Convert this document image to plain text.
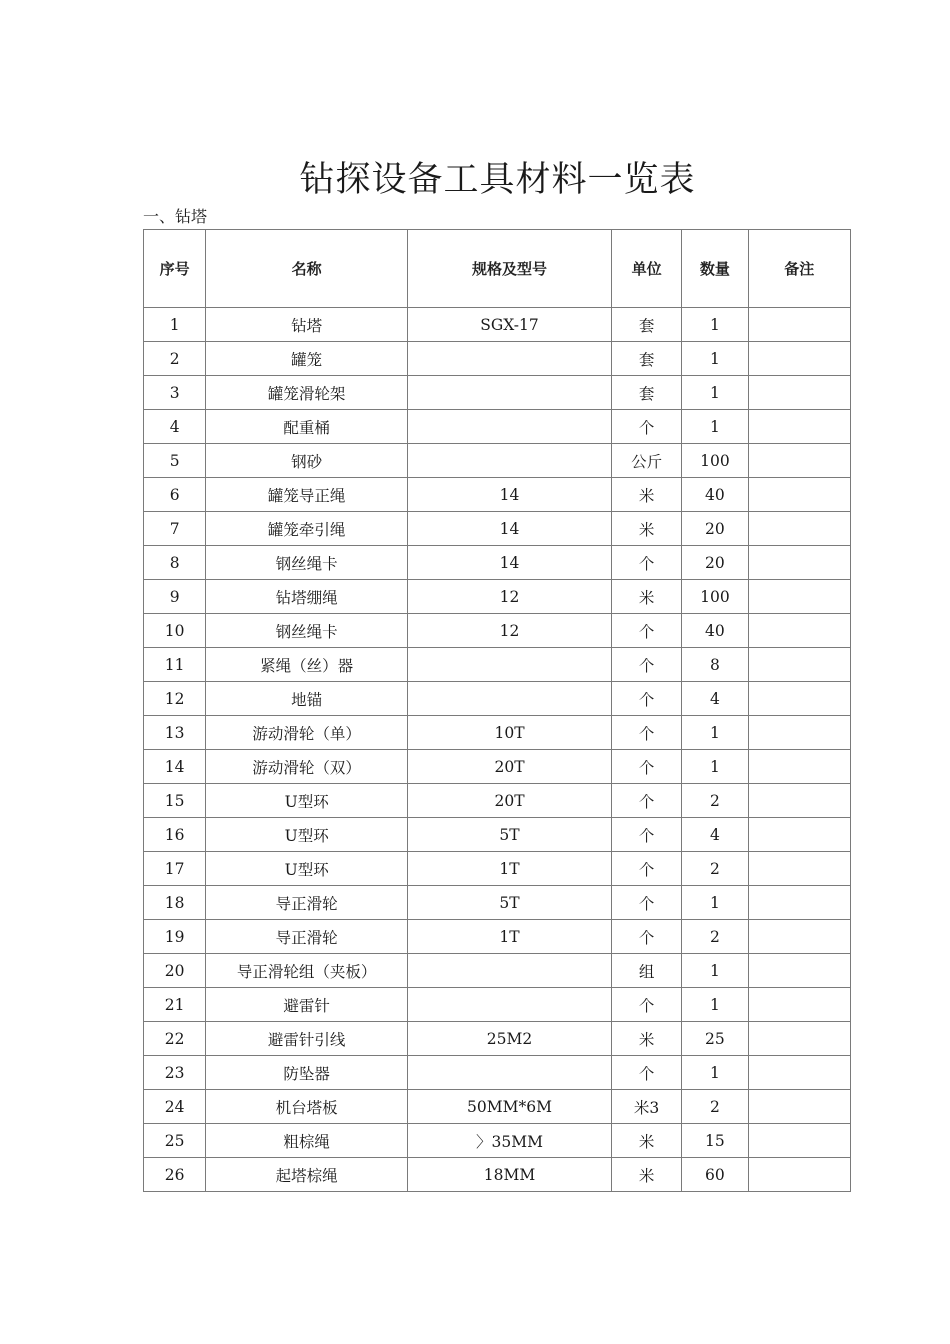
钻探设备工具材料一览表
一、钻塔
序号	名称	规格及型号	单位	数量	备注
1	钻塔	SGX-17	套	1	
2	罐笼		套	1	
3	罐笼滑轮架		套	1	
4	配重桶		个	1	
5	钢砂		公斤	100	
6	罐笼导正绳	14	米	40	
7	罐笼牵引绳	14	米	20	
8	钢丝绳卡	14	个	20	
9	钻塔绷绳	12	米	100	
10	钢丝绳卡	12	个	40	
11	紧绳（丝）器		个	8	
12	地锚		个	4	
13	游动滑轮（单）	10T	个	1	
14	游动滑轮（双）	20T	个	1	
15	U型环	20T	个	2	
16	U型环	5T	个	4	
17	U型环	1T	个	2	
18	导正滑轮	5T	个	1	
19	导正滑轮	1T	个	2	
20	导正滑轮组（夹板）		组	1	
21	避雷针		个	1	
22	避雷针引线	25M2	米	25	
23	防坠器		个	1	
24	机台塔板	50MM*6M	米3	2	
25	粗棕绳	〉35MM	米	15	
26	起塔棕绳	18MM	米	60	
